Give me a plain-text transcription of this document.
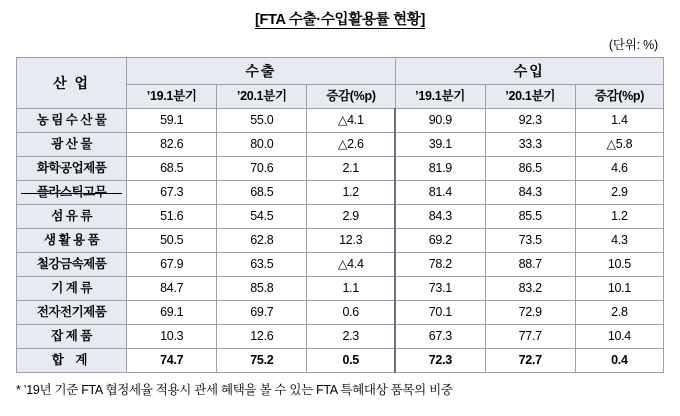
[FTA 수출·수입활용률 현황]
(단위: %)
산 업	수출			수입		
	’19.1분기	’20.1분기	증감(%p)	’19.1분기	’20.1분기	증감(%p)
농 림 수 산 물	59.1	55.0	△4.1	90.9	92.3	1.4
광 산 물	82.6	80.0	△2.6	39.1	33.3	△5.8
화학공업제품	68.5	70.6	2.1	81.9	86.5	4.6
플라스틱고무	67.3	68.5	1.2	81.4	84.3	2.9
섬 유 류	51.6	54.5	2.9	84.3	85.5	1.2
생 활 용 품	50.5	62.8	12.3	69.2	73.5	4.3
철강금속제품	67.9	63.5	△4.4	78.2	88.7	10.5
기 계 류	84.7	85.8	1.1	73.1	83.2	10.1
전자전기제품	69.1	69.7	0.6	70.1	72.9	2.8
잡 제 품	10.3	12.6	2.3	67.3	77.7	10.4
합 계	74.7	75.2	0.5	72.3	72.7	0.4
* ’19년 기준 FTA 협정세율 적용시 관세 혜택을 볼 수 있는 FTA 특혜대상 품목의 비중
